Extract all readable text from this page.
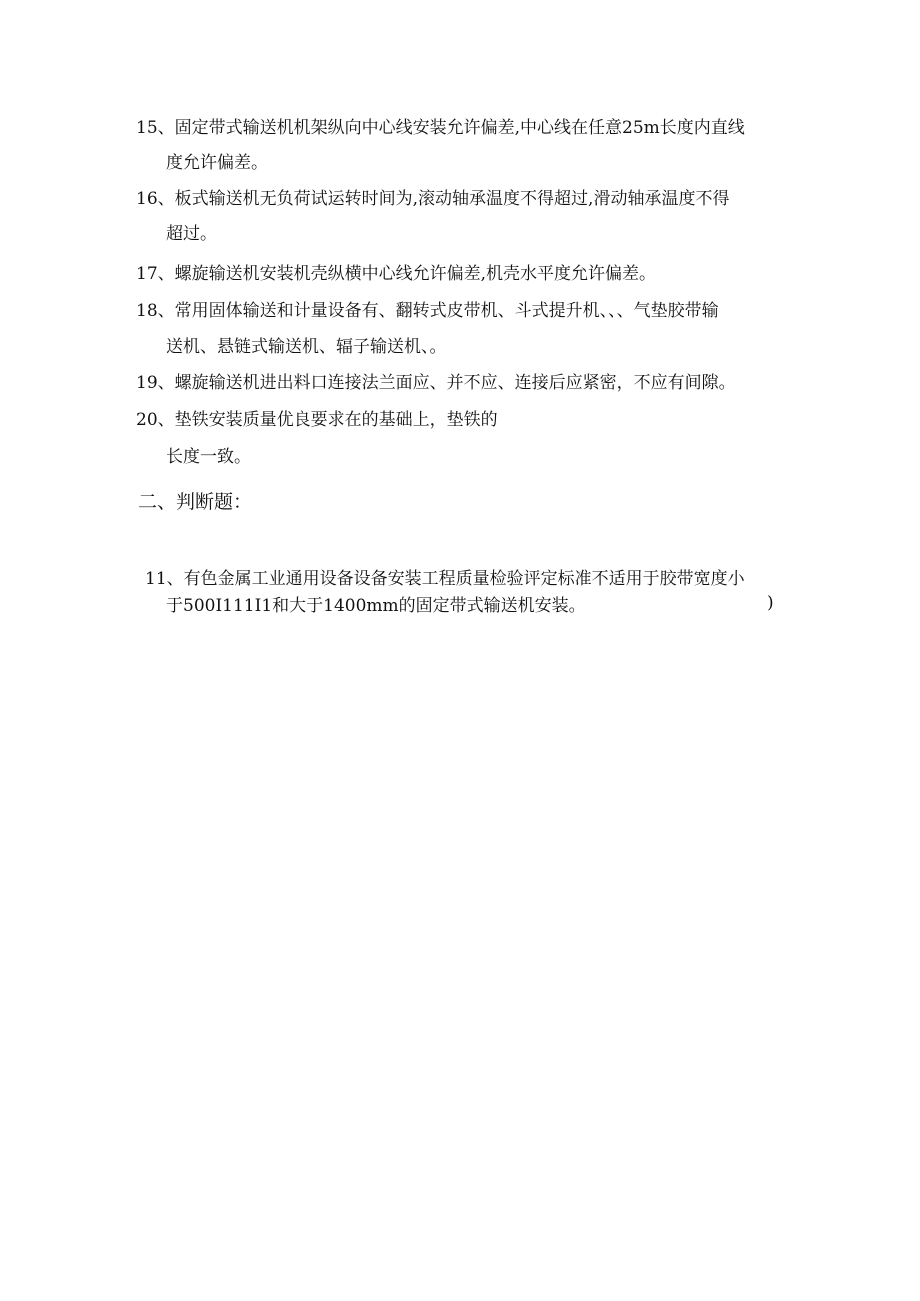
15、固定带式输送机机架纵向中心线安装允许偏差,中心线在任意25m长度内直线
度允许偏差。
16、板式输送机无负荷试运转时间为,滚动轴承温度不得超过,滑动轴承温度不得
超过。
17、螺旋输送机安装机壳纵横中心线允许偏差,机壳水平度允许偏差。
18、常用固体输送和计量设备有、翻转式皮带机、斗式提升机、、、气垫胶带输
送机、悬链式输送机、辐子输送机、。
19、螺旋输送机进出料口连接法兰面应、并不应、连接后应紧密，不应有间隙。
20、垫铁安装质量优良要求在的基础上，垫铁的
长度一致。
二、判断题：
11、有色金属工业通用设备设备安装工程质量检验评定标准不适用于胶带宽度小
于500I111I1和大于1400mm的固定带式输送机安装。	)
